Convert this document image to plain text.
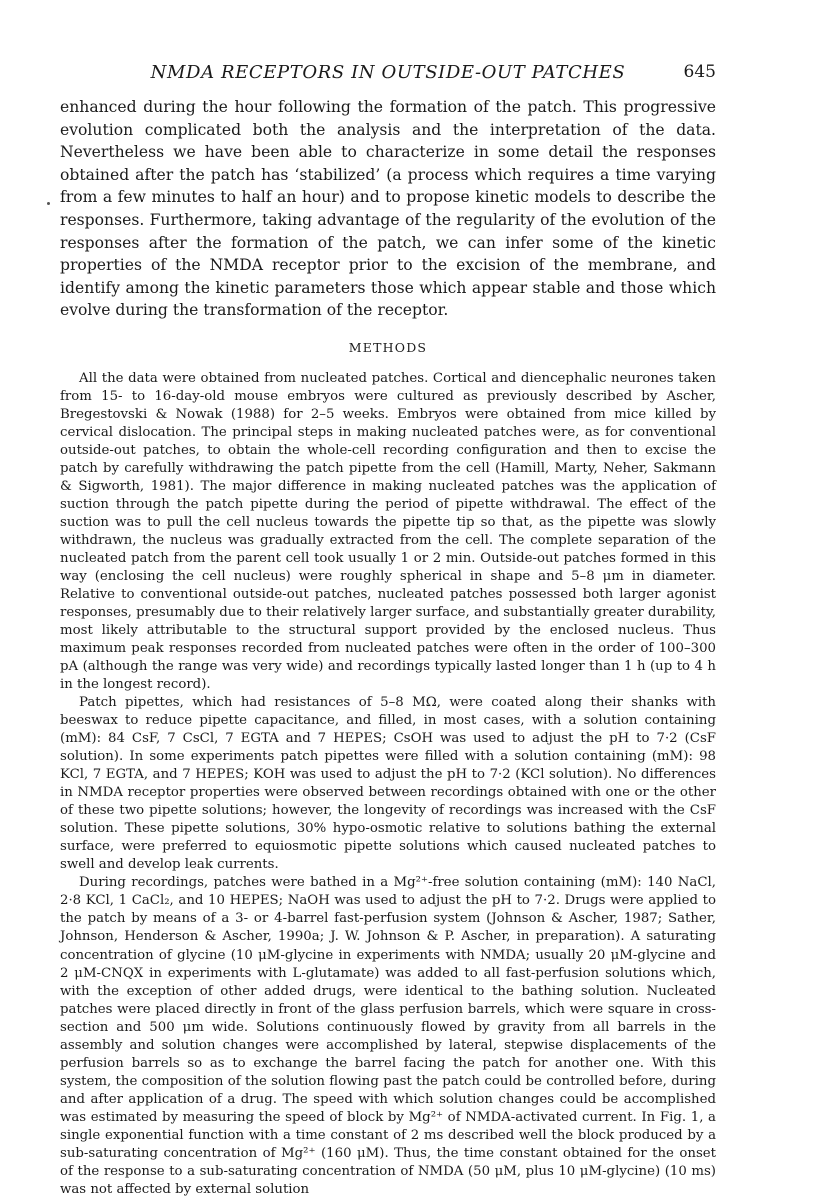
NMDA RECEPTORS IN OUTSIDE-OUT PATCHES	645

enhanced during the hour following the formation of the patch. This progressive evolution complicated both the analysis and the interpretation of the data. Nevertheless we have been able to characterize in some detail the responses obtained after the patch has ‘stabilized’ (a process which requires a time varying from a few minutes to half an hour) and to propose kinetic models to describe the responses. Furthermore, taking advantage of the regularity of the evolution of the responses after the formation of the patch, we can infer some of the kinetic properties of the NMDA receptor prior to the excision of the membrane, and identify among the kinetic parameters those which appear stable and those which evolve during the transformation of the receptor.

METHODS

All the data were obtained from nucleated patches. Cortical and diencephalic neurones taken from 15- to 16-day-old mouse embryos were cultured as previously described by Ascher, Bregestovski & Nowak (1988) for 2–5 weeks. Embryos were obtained from mice killed by cervical dislocation. The principal steps in making nucleated patches were, as for conventional outside-out patches, to obtain the whole-cell recording configuration and then to excise the patch by carefully withdrawing the patch pipette from the cell (Hamill, Marty, Neher, Sakmann & Sigworth, 1981). The major difference in making nucleated patches was the application of suction through the patch pipette during the period of pipette withdrawal. The effect of the suction was to pull the cell nucleus towards the pipette tip so that, as the pipette was slowly withdrawn, the nucleus was gradually extracted from the cell. The complete separation of the nucleated patch from the parent cell took usually 1 or 2 min. Outside-out patches formed in this way (enclosing the cell nucleus) were roughly spherical in shape and 5–8 μm in diameter. Relative to conventional outside-out patches, nucleated patches possessed both larger agonist responses, presumably due to their relatively larger surface, and substantially greater durability, most likely attributable to the structural support provided by the enclosed nucleus. Thus maximum peak responses recorded from nucleated patches were often in the order of 100–300 pA (although the range was very wide) and recordings typically lasted longer than 1 h (up to 4 h in the longest record).

Patch pipettes, which had resistances of 5–8 MΩ, were coated along their shanks with beeswax to reduce pipette capacitance, and filled, in most cases, with a solution containing (mM): 84 CsF, 7 CsCl, 7 EGTA and 7 HEPES; CsOH was used to adjust the pH to 7·2 (CsF solution). In some experiments patch pipettes were filled with a solution containing (mM): 98 KCl, 7 EGTA, and 7 HEPES; KOH was used to adjust the pH to 7·2 (KCl solution). No differences in NMDA receptor properties were observed between recordings obtained with one or the other of these two pipette solutions; however, the longevity of recordings was increased with the CsF solution. These pipette solutions, 30% hypo-osmotic relative to solutions bathing the external surface, were preferred to equiosmotic pipette solutions which caused nucleated patches to swell and develop leak currents.

During recordings, patches were bathed in a Mg²⁺-free solution containing (mM): 140 NaCl, 2·8 KCl, 1 CaCl₂, and 10 HEPES; NaOH was used to adjust the pH to 7·2. Drugs were applied to the patch by means of a 3- or 4-barrel fast-perfusion system (Johnson & Ascher, 1987; Sather, Johnson, Henderson & Ascher, 1990a; J. W. Johnson & P. Ascher, in preparation). A saturating concentration of glycine (10 μM-glycine in experiments with NMDA; usually 20 μM-glycine and 2 μM-CNQX in experiments with L-glutamate) was added to all fast-perfusion solutions which, with the exception of other added drugs, were identical to the bathing solution. Nucleated patches were placed directly in front of the glass perfusion barrels, which were square in cross-section and 500 μm wide. Solutions continuously flowed by gravity from all barrels in the assembly and solution changes were accomplished by lateral, stepwise displacements of the perfusion barrels so as to exchange the barrel facing the patch for another one. With this system, the composition of the solution flowing past the patch could be controlled before, during and after application of a drug. The speed with which solution changes could be accomplished was estimated by measuring the speed of block by Mg²⁺ of NMDA-activated current. In Fig. 1, a single exponential function with a time constant of 2 ms described well the block produced by a sub-saturating concentration of Mg²⁺ (160 μM). Thus, the time constant obtained for the onset of the response to a sub-saturating concentration of NMDA (50 μM, plus 10 μM-glycine) (10 ms) was not affected by external solution
